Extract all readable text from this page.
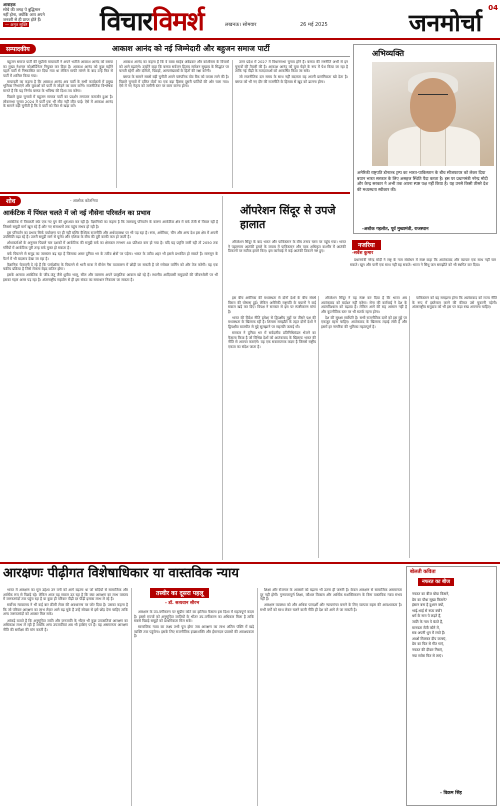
आवाहक
सोचे की जगह पे बुद्धिमान
नहीं होना, क्योंकि आप अपने
जनवरी से ही प्राप्त होते हैं।
— अमृत सूक्ति	विचारविमर्श	लखनऊ। सोमवार	26 मई 2025	जनमोर्चा 04
सम्पादकीय	आकाश आनंद को नई जिम्मेदारी और बहुजन समाज पार्टी

बहुजन समाज पार्टी की सुप्रीमो मायावती ने अपने भतीजे आकाश आनंद को बसपा का मुख्य नेशनल कोऑर्डिनेटर नियुक्त कर दिया है। आकाश आनंद को कुछ महीने पहले पार्टी से निष्कासित कर दिया गया था लेकिन माफी मांगने के बाद उन्हें फिर से पार्टी में शामिल किया गया।

मायावती का कहना है कि आकाश आनंद अब पार्टी के सभी कार्यक्रमों में प्रमुख भूमिका निभाएंगे और युवाओं को पार्टी से जोड़ने का काम करेंगे। राजनीतिक विश्लेषक मानते हैं कि यह निर्णय बसपा के भविष्य की दिशा तय करेगा।

पिछले कुछ चुनावों में बहुजन समाज पार्टी का प्रदर्शन लगातार कमजोर हुआ है। लोकसभा चुनाव 2024 में पार्टी एक भी सीट नहीं जीत पाई। ऐसे में आकाश आनंद के सामने बड़ी चुनौती है कि वे पार्टी को फिर से खड़ा करें।

आकाश आनंद का कहना है कि वे बाबा साहेब अंबेडकर और कांशीराम के विचारों को आगे बढ़ाएंगे। उन्होंने कहा कि बसपा सर्वजन हिताय सर्वजन सुखाय के सिद्धांत पर चलती रहेगी और दलितों, पिछड़ों, अल्पसंख्यकों के हितों की रक्षा करेगी।

बसपा के सामने सबसे बड़ी चुनौती अपने पारंपरिक वोट बैंक को वापस लाने की है। पिछले चुनावों में दलित वोटों का एक बड़ा हिस्सा दूसरी पार्टियों की ओर चला गया। ऐसे में नए नेतृत्व को जमीनी स्तर पर काम करना होगा।

उत्तर प्रदेश में 2027 में विधानसभा चुनाव होने हैं। बसपा की रणनीति अभी से इन चुनावों की तैयारी की है। आकाश आनंद को युवा चेहरे के रूप में पेश किया जा रहा है ताकि नई पीढ़ी के मतदाताओं को आकर्षित किया जा सके।

जो राजनीतिक दल समय के साथ नहीं बदलता वह अपनी प्रासंगिकता खो देता है। बसपा को भी नए दौर की राजनीति के हिसाब से खुद को ढालना होगा।

अभिव्यक्ति
अमेरिकी राष्ट्रपति डोनाल्ड ट्रम्प का भारत-पाकिस्तान के बीच सीजफायर को लेकर दिया बयान भारत सरकार के लिए असहज स्थिति पैदा करता है। इस पर प्रधानमंत्री नरेन्द्र मोदी और केन्द्र सरकार ने अभी तक अपना स्पष्ट पक्ष नहीं किया है। यह उनसे किसी तीसरे देश की मध्यस्थता स्वीकार की।
-अशोक गहलोत, पूर्व मुख्यमंत्री, राजस्थान
शोध	- आलोक कोतनिया
आर्कटिक में पिंघल चलते में जो नई नौसेना परिवर्तन का प्रभाव

आर्कटिक में पिघलती बर्फ एक नए युग की शुरुआत कर रही है। वैज्ञानिकों का कहना है कि जलवायु परिवर्तन के कारण आर्कटिक क्षेत्र में बर्फ तेजी से पिघल रही है जिससे समुद्री मार्ग खुल रहे हैं और नए संसाधनों तक पहुंच संभव हो रही है।

इस परिवर्तन का प्रभाव सिर्फ पर्यावरण पर ही नहीं बल्कि वैश्विक राजनीति और अर्थव्यवस्था पर भी पड़ रहा है। रूस, अमेरिका, चीन और अन्य देश इस क्षेत्र में अपनी उपस्थिति बढ़ा रहे हैं। उत्तरी समुद्री मार्ग से यूरोप और एशिया के बीच की दूरी काफी कम हो जाती है।

शोधकर्ताओं के अनुसार पिछले चार दशकों में आर्कटिक की समुद्री बर्फ का क्षेत्रफल लगभग 40 प्रतिशत कम हो गया है। यदि यह प्रवृत्ति जारी रही तो 2050 तक गर्मियों में आर्कटिक पूरी तरह बर्फ मुक्त हो सकता है।

बर्फ पिघलने से समुद्र का जलस्तर बढ़ रहा है जिसका असर दुनिया भर के तटीय क्षेत्रों पर पड़ेगा। भारत के तटीय शहर भी इससे प्रभावित हो सकते हैं। मानसून के पैटर्न में भी बदलाव देखा जा रहा है।

वैज्ञानिक चेतावनी दे रहे हैं कि पर्माफ्रॉस्ट के पिघलने से भारी मात्रा में मीथेन गैस वातावरण में छोड़ी जा सकती है जो ग्लोबल वार्मिंग को और तेज करेगी। यह एक चक्रीय प्रक्रिया है जिसे रोकना बेहद कठिन होगा।

इसके अलावा आर्कटिक के जीव-जंतु जैसे ध्रुवीय भालू, सील और वालरस अपने प्राकृतिक आवास खो रहे हैं। स्थानीय आदिवासी समुदायों की जीवनशैली पर भी इसका गहरा असर पड़ रहा है। अंतरराष्ट्रीय सहयोग से ही इस संकट का समाधान निकाला जा सकता है।

ऑपरेशन सिंदूर से उपजे हालात

ऑपरेशन सिंदूर के बाद भारत और पाकिस्तान के बीच तनाव चरम पर पहुंच गया। भारत ने पहलगाम आतंकी हमले के जवाब में पाकिस्तान और पाक अधिकृत कश्मीर में आतंकी ठिकानों पर सटीक हमले किए। इस कार्रवाई में कई आतंकी ठिकाने नष्ट हुए।

नजरिया
-सर्वेश कुमार

प्रधानमंत्री नरेन्द्र मोदी ने राष्ट्र के नाम संबोधन में स्पष्ट कहा कि आतंकवाद और व्यापार एक साथ नहीं चल सकते। खून और पानी एक साथ नहीं बह सकते। भारत ने सिंधु जल समझौते को भी स्थगित कर दिया।

इस बीच अमेरिका की मध्यस्थता से दोनों देशों के बीच संघर्ष विराम की घोषणा हुई। लेकिन अमेरिकी राष्ट्रपति के बयानों ने कई सवाल खड़े कर दिए। विपक्ष ने सरकार से इस पर स्पष्टीकरण मांगा है।

भारत की विदेश नीति हमेशा से द्विपक्षीय मुद्दों पर तीसरे पक्ष की मध्यस्थता के खिलाफ रही है। शिमला समझौते के तहत दोनों देशों ने द्विपक्षीय बातचीत से मुद्दे सुलझाने पर सहमति जताई थी।

सरकार ने दुनिया भर में सर्वदलीय प्रतिनिधिमंडल भेजने का फैसला किया है जो विभिन्न देशों को आतंकवाद के खिलाफ भारत की नीति से अवगत कराएंगे। यह एक सकारात्मक कदम है जिससे राष्ट्रीय एकता का संदेश जाता है।

ऑपरेशन सिंदूर ने यह स्पष्ट कर दिया है कि भारत अब आतंकवाद को बर्दाश्त नहीं करेगा। सेना की कार्रवाई ने देश के आत्मविश्वास को बढ़ाया है। लेकिन आगे की राह आसान नहीं है और कूटनीतिक स्तर पर भी सतर्क रहना होगा।

देश की सुरक्षा सर्वोपरि है। सभी राजनीतिक दलों को इस मुद्दे पर एकजुट रहना चाहिए। आतंकवाद के खिलाफ लड़ाई लंबी है और इसमें हर नागरिक की भूमिका महत्वपूर्ण है।

पाकिस्तान को यह समझना होगा कि आतंकवाद को राज्य नीति के रूप में इस्तेमाल करने की कीमत उसे चुकानी पड़ेगी। अंतरराष्ट्रीय समुदाय को भी इस पर कड़ा रुख अपनाना चाहिए।

आरक्षणः पीढ़ीगत विशेषाधिकार या वास्तविक न्याय
तस्वीर का दूसरा पहलू
- डॉ. सत्यवान सौरभ

भारत में आरक्षण का मूल उद्देश्य उन वर्गों को आगे बढ़ाना था जो सदियों से सामाजिक और आर्थिक रूप से पिछड़े रहे। लेकिन आज यह सवाल उठ रहा है कि क्या आरक्षण का लाभ वास्तव में जरूरतमंदों तक पहुंच रहा है या कुछ ही परिवार पीढ़ी दर पीढ़ी इसका लाभ ले रहे हैं।

सर्वोच्च न्यायालय ने भी कई बार क्रीमी लेयर की अवधारणा पर जोर दिया है। उसका कहना है कि जो परिवार आरक्षण का लाभ लेकर आगे बढ़ चुके हैं उन्हें स्वेच्छा से इसे छोड़ देना चाहिए ताकि अन्य जरूरतमंदों को अवसर मिल सके।

आंकड़े बताते हैं कि अनुसूचित जाति और जनजाति के भीतर भी कुछ उपजातियां आरक्षण का अधिकांश लाभ ले रही हैं जबकि अन्य उपजातियां अब भी हाशिए पर हैं। यह असमानता आरक्षण नीति की समीक्षा की मांग करती है।

आरक्षण के उप-वर्गीकरण पर सुप्रीम कोर्ट का हालिया फैसला इस दिशा में महत्वपूर्ण कदम है। इससे राज्यों को अनुसूचित जातियों के भीतर उप-वर्गीकरण का अधिकार मिला है ताकि सबसे पिछड़े समूहों को प्राथमिकता मिल सके।

सामाजिक न्याय का लक्ष्य तभी पूरा होगा जब आरक्षण का लाभ अंतिम पंक्ति में खड़े व्यक्ति तक पहुंचेगा। इसके लिए राजनीतिक इच्छाशक्ति और ईमानदार प्रयासों की आवश्यकता है।

शिक्षा और रोजगार के अवसरों को बढ़ाना भी उतना ही जरूरी है। केवल आरक्षण से सामाजिक असमानता दूर नहीं होगी। गुणवत्तापूर्ण शिक्षा, कौशल विकास और आर्थिक सशक्तिकरण के बिना वास्तविक न्याय संभव नहीं है।

आरक्षण व्यवस्था को और अधिक पारदर्शी और न्यायसंगत बनाने के लिए व्यापक बहस की आवश्यकता है। सभी वर्गों को साथ लेकर चलने वाली नीति ही देश को आगे ले जा सकती है।

बोलती कविता
नफरत का बीज
नफरत का बीज बोया किसने,
प्रेम का पौधा सूखा किसने?
इंसान बना है दुश्मन क्यों,
भाई-भाई से रूठा क्यों?
धर्म के नाम पे लड़ते हैं,
जाति के नाम पे बंटते हैं,
मानवता रोती कोने में,
सब अपनी धुन में रमते हैं।
आओ मिलकर दीप जलाएं,
प्रेम का फिर से गीत गाएं,
नफरत की दीवार गिराएं,
नया सवेरा फिर से लाएं।
- विक्रम सिंह
